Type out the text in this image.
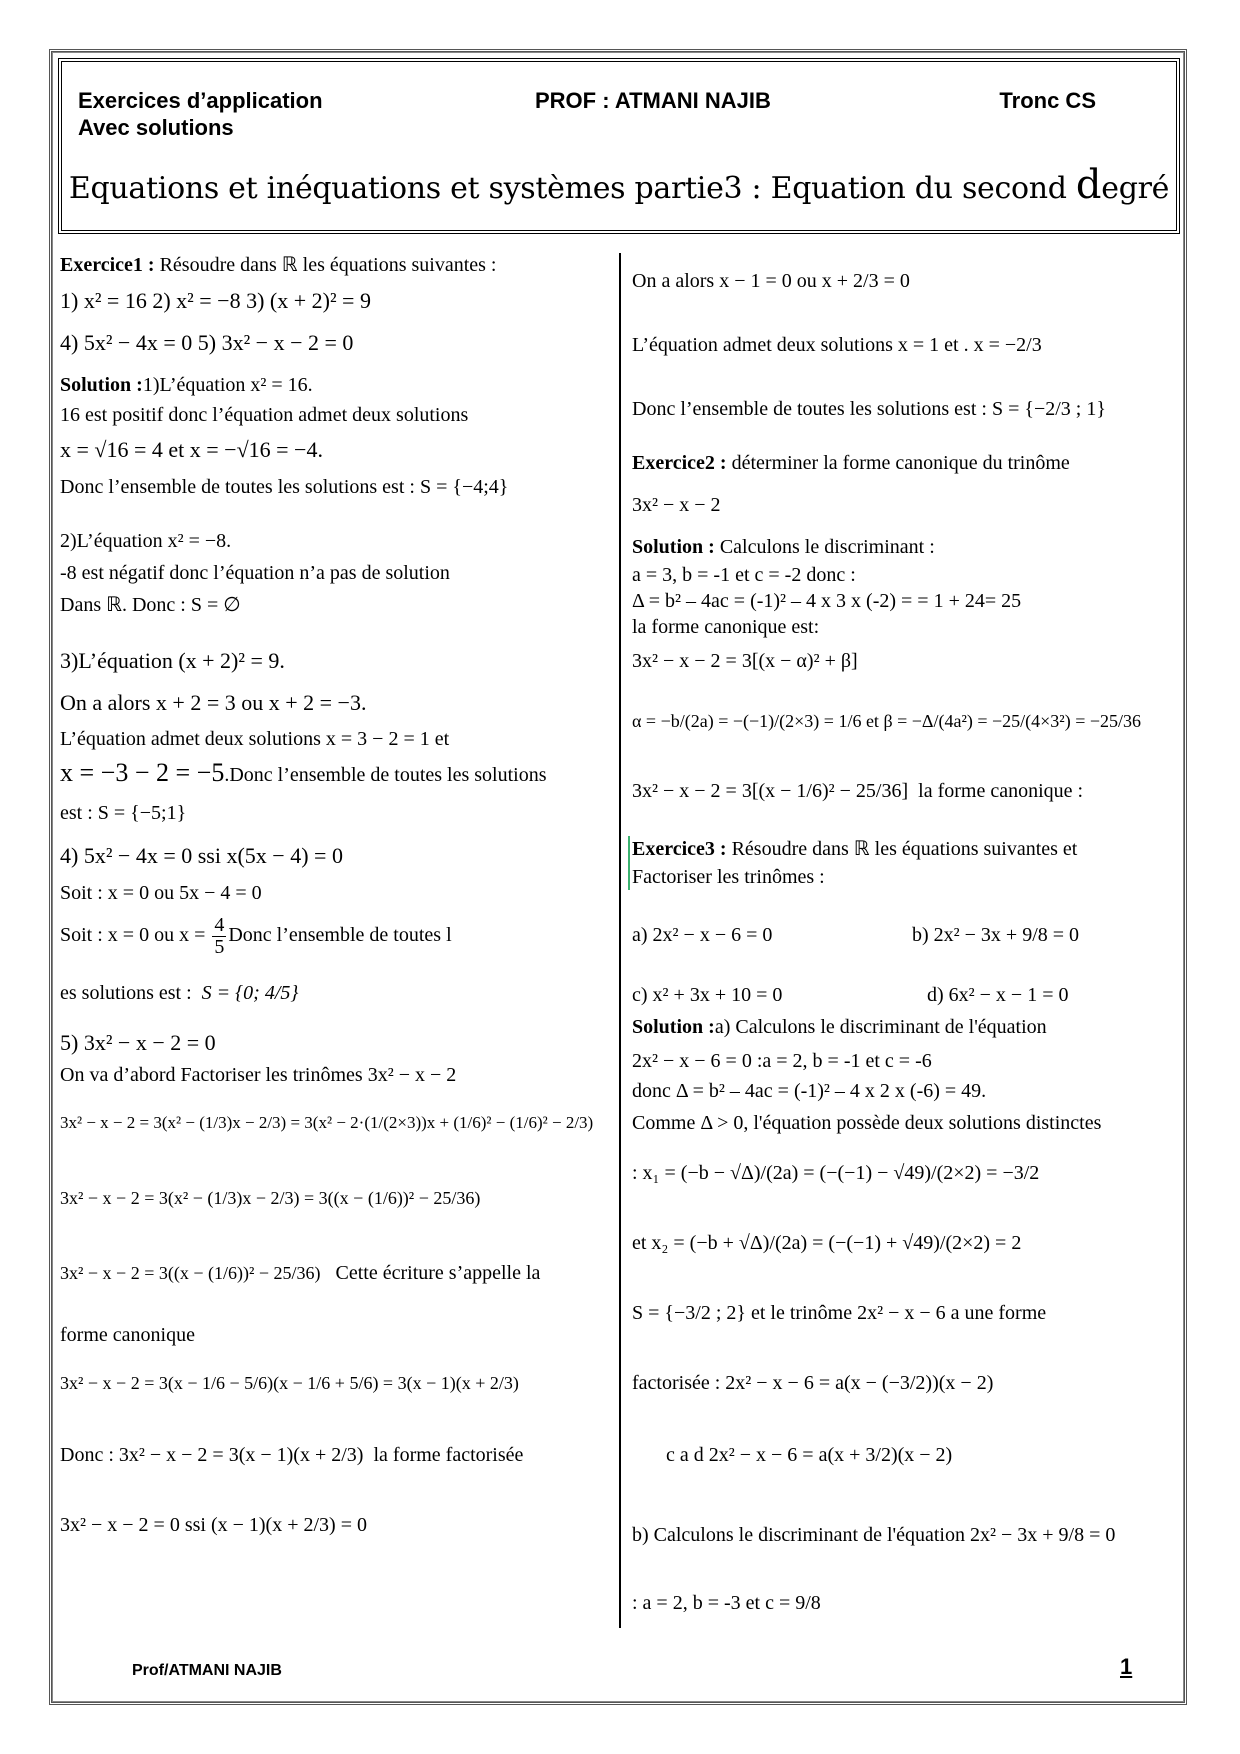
Exercices d’application
Avec solutions
PROF : ATMANI NAJIB	Tronc CS
Equations et inéquations et systèmes partie3 : Equation du second degré
Exercice1 : Résoudre dans ℝ les équations suivantes :
1) x² = 16 2) x² = −8 3) (x + 2)² = 9
4) 5x² − 4x = 0 5) 3x² − x − 2 = 0
Solution :1)L’équation x² = 16.
16 est positif donc l’équation admet deux solutions
x = √16 = 4 et x = −√16 = −4.
Donc l’ensemble de toutes les solutions est : S = {−4;4}
2)L’équation x² = −8.
-8 est négatif donc l’équation n’a pas de solution
Dans ℝ. Donc : S = ∅
3)L’équation (x + 2)² = 9.
On a alors x + 2 = 3 ou x + 2 = −3.
L’équation admet deux solutions x = 3 − 2 = 1 et
x = −3 − 2 = −5.Donc l’ensemble de toutes les solutions
est : S = {−5;1}
4) 5x² − 4x = 0 ssi x(5x − 4) = 0
Soit : x = 0 ou 5x − 4 = 0
Soit : x = 0 ou $x = \frac{4}{5}$ Donc l’ensemble de toutes l
es solutions est : S = {0; 4/5}
5) 3x² − x − 2 = 0
On va d’abord Factoriser les trinômes 3x² − x − 2
3x² − x − 2 = 3(x² − (1/3)x − 2/3) = 3(x² − 2·(1/(2×3))x + (1/6)² − (1/6)² − 2/3)
3x² − x − 2 = 3(x² − (1/3)x − 2/3) = 3((x − (1/6))² − 25/36)
3x² − x − 2 = 3((x − (1/6))² − 25/36) Cette écriture s’appelle la
forme canonique
3x² − x − 2 = 3(x − 1/6 − 5/6)(x − 1/6 + 5/6) = 3(x − 1)(x + 2/3)
Donc : 3x² − x − 2 = 3(x − 1)(x + 2/3) la forme factorisée
3x² − x − 2 = 0 ssi (x − 1)(x + 2/3) = 0
On a alors x − 1 = 0 ou x + 2/3 = 0
L’équation admet deux solutions x = 1 et . x = −2/3
Donc l’ensemble de toutes les solutions est : S = {−2/3 ; 1}
Exercice2 : déterminer la forme canonique du trinôme
3x² − x − 2
Solution : Calculons le discriminant :
a = 3, b = -1 et c = -2 donc :
Δ = b² – 4ac = (-1)² – 4 x 3 x (-2) = = 1 + 24= 25
la forme canonique est:
3x² − x − 2 = 3[(x − α)² + β]
α = −b/(2a) = −(−1)/(2×3) = 1/6 et β = −Δ/(4a²) = −25/(4×3²) = −25/36
3x² − x − 2 = 3[(x − 1/6)² − 25/36] la forme canonique :
Exercice3 : Résoudre dans ℝ les équations suivantes et
Factoriser les trinômes :
a) 2x² − x − 6 = 0	b) 2x² − 3x + 9/8 = 0
c) x² + 3x + 10 = 0	d) 6x² − x − 1 = 0
Solution :a) Calculons le discriminant de l'équation
2x² − x − 6 = 0 :a = 2, b = -1 et c = -6
donc Δ = b² – 4ac = (-1)² – 4 x 2 x (-6) = 49.
Comme Δ > 0, l'équation possède deux solutions distinctes
: x₁ = (−b − √Δ)/(2a) = (−(−1) − √49)/(2×2) = −3/2
et x₂ = (−b + √Δ)/(2a) = (−(−1) + √49)/(2×2) = 2
S = {−3/2 ; 2} et le trinôme 2x² − x − 6 a une forme
factorisée : 2x² − x − 6 = a(x − (−3/2))(x − 2)
c a d 2x² − x − 6 = a(x + 3/2)(x − 2)
b) Calculons le discriminant de l'équation 2x² − 3x + 9/8 = 0
: a = 2, b = -3 et c = 9/8
Prof/ATMANI NAJIB	1
